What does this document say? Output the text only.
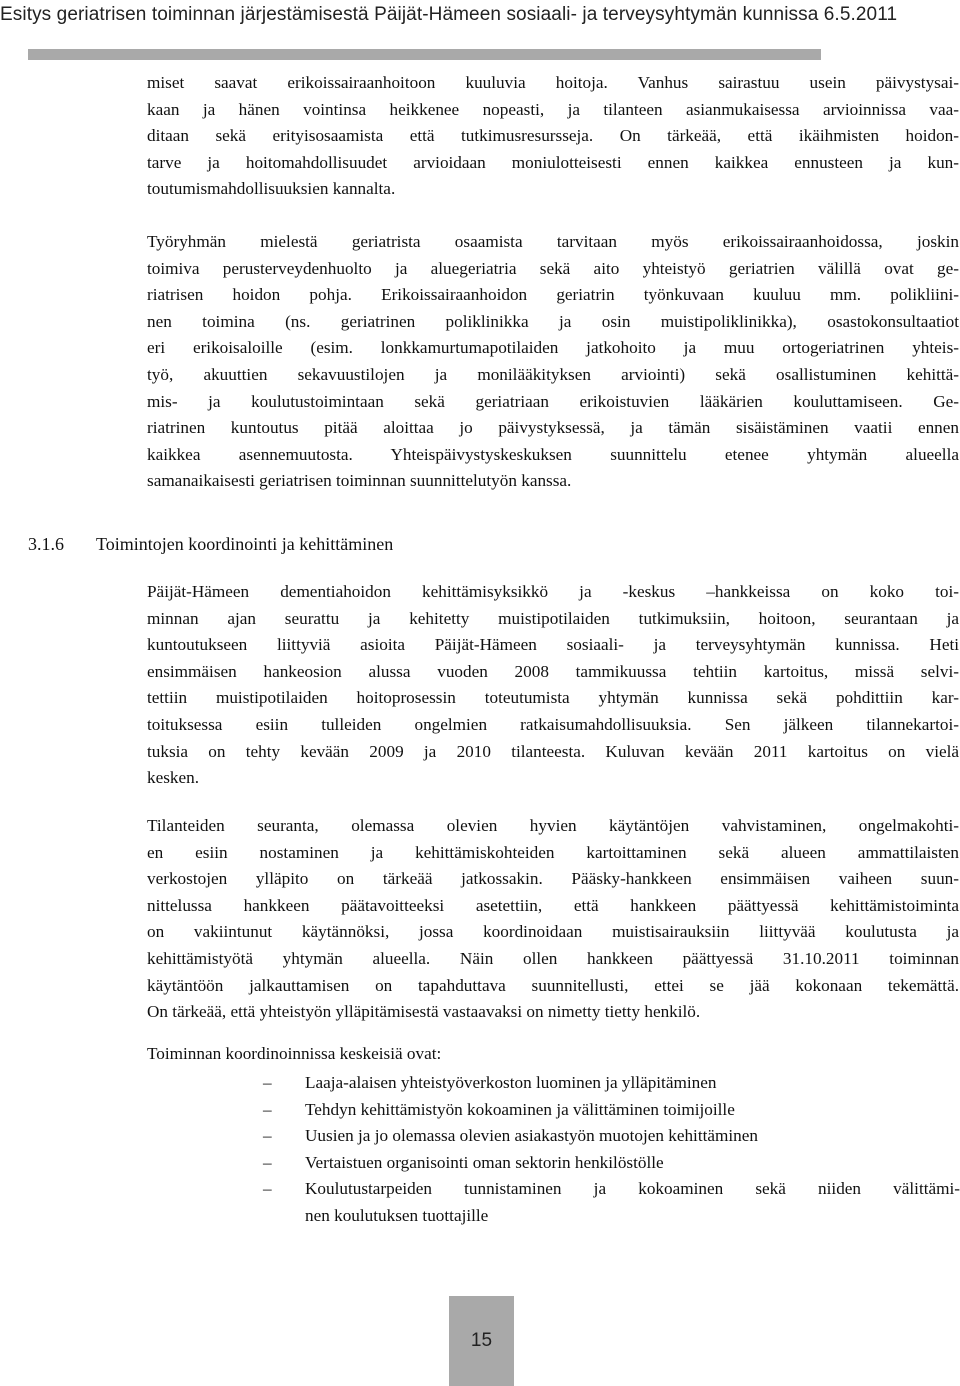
Esitys geriatrisen toiminnan järjestämisestä Päijät-Hämeen sosiaali- ja terveysyhtymän kunnissa 6.5.2011

miset saavat erikoissairaanhoitoon kuuluvia hoitoja. Vanhus sairastuu usein päivystysai-
kaan ja hänen vointinsa heikkenee nopeasti, ja tilanteen asianmukaisessa arvioinnissa vaa-
ditaan sekä erityisosaamista että tutkimusresursseja. On tärkeää, että ikäihmisten hoidon-
tarve ja hoitomahdollisuudet arvioidaan moniulotteisesti ennen kaikkea ennusteen ja kun-
toutumismahdollisuuksien kannalta.

Työryhmän mielestä geriatrista osaamista tarvitaan myös erikoissairaanhoidossa, joskin
toimiva perusterveydenhuolto ja aluegeriatria sekä aito yhteistyö geriatrien välillä ovat ge-
riatrisen hoidon pohja. Erikoissairaanhoidon geriatrin työnkuvaan kuuluu mm. polikliini-
nen toimina (ns. geriatrinen poliklinikka ja osin muistipoliklinikka), osastokonsultaatiot
eri erikoisaloille (esim. lonkkamurtumapotilaiden jatkohoito ja muu ortogeriatrinen yhteis-
työ, akuuttien sekavuustilojen ja monilääkityksen arviointi) sekä osallistuminen kehittä-
mis- ja koulutustoimintaan sekä geriatriaan erikoistuvien lääkärien kouluttamiseen. Ge-
riatrinen kuntoutus pitää aloittaa jo päivystyksessä, ja tämän sisäistäminen vaatii ennen
kaikkea asennemuutosta. Yhteispäivystyskeskuksen suunnittelu etenee yhtymän alueella
samanaikaisesti geriatrisen toiminnan suunnittelutyön kanssa.

3.1.6 Toimintojen koordinointi ja kehittäminen

Päijät-Hämeen dementiahoidon kehittämisyksikkö ja -keskus –hankkeissa on koko toi-
minnan ajan seurattu ja kehitetty muistipotilaiden tutkimuksiin, hoitoon, seurantaan ja
kuntoutukseen liittyviä asioita Päijät-Hämeen sosiaali- ja terveysyhtymän kunnissa. Heti
ensimmäisen hankeosion alussa vuoden 2008 tammikuussa tehtiin kartoitus, missä selvi-
tettiin muistipotilaiden hoitoprosessin toteutumista yhtymän kunnissa sekä pohdittiin kar-
toituksessa esiin tulleiden ongelmien ratkaisumahdollisuuksia. Sen jälkeen tilannekartoi-
tuksia on tehty kevään 2009 ja 2010 tilanteesta. Kuluvan kevään 2011 kartoitus on vielä
kesken.

Tilanteiden seuranta, olemassa olevien hyvien käytäntöjen vahvistaminen, ongelmakohti-
en esiin nostaminen ja kehittämiskohteiden kartoittaminen sekä alueen ammattilaisten
verkostojen ylläpito on tärkeää jatkossakin. Pääsky-hankkeen ensimmäisen vaiheen suun-
nittelussa hankkeen päätavoitteeksi asetettiin, että hankkeen päättyessä kehittämistoiminta
on vakiintunut käytännöksi, jossa koordinoidaan muistisairauksiin liittyvää koulutusta ja
kehittämistyötä yhtymän alueella. Näin ollen hankkeen päättyessä 31.10.2011 toiminnan
käytäntöön jalkauttamisen on tapahduttava suunnitellusti, ettei se jää kokonaan tekemättä.
On tärkeää, että yhteistyön ylläpitämisestä vastaavaksi on nimetty tietty henkilö.

Toiminnan koordinoinnissa keskeisiä ovat:
– Laaja-alaisen yhteistyöverkoston luominen ja ylläpitäminen
– Tehdyn kehittämistyön kokoaminen ja välittäminen toimijoille
– Uusien ja jo olemassa olevien asiakastyön muotojen kehittäminen
– Vertaistuen organisointi oman sektorin henkilöstölle
– Koulutustarpeiden tunnistaminen ja kokoaminen sekä niiden välittämi-
nen koulutuksen tuottajille
15
